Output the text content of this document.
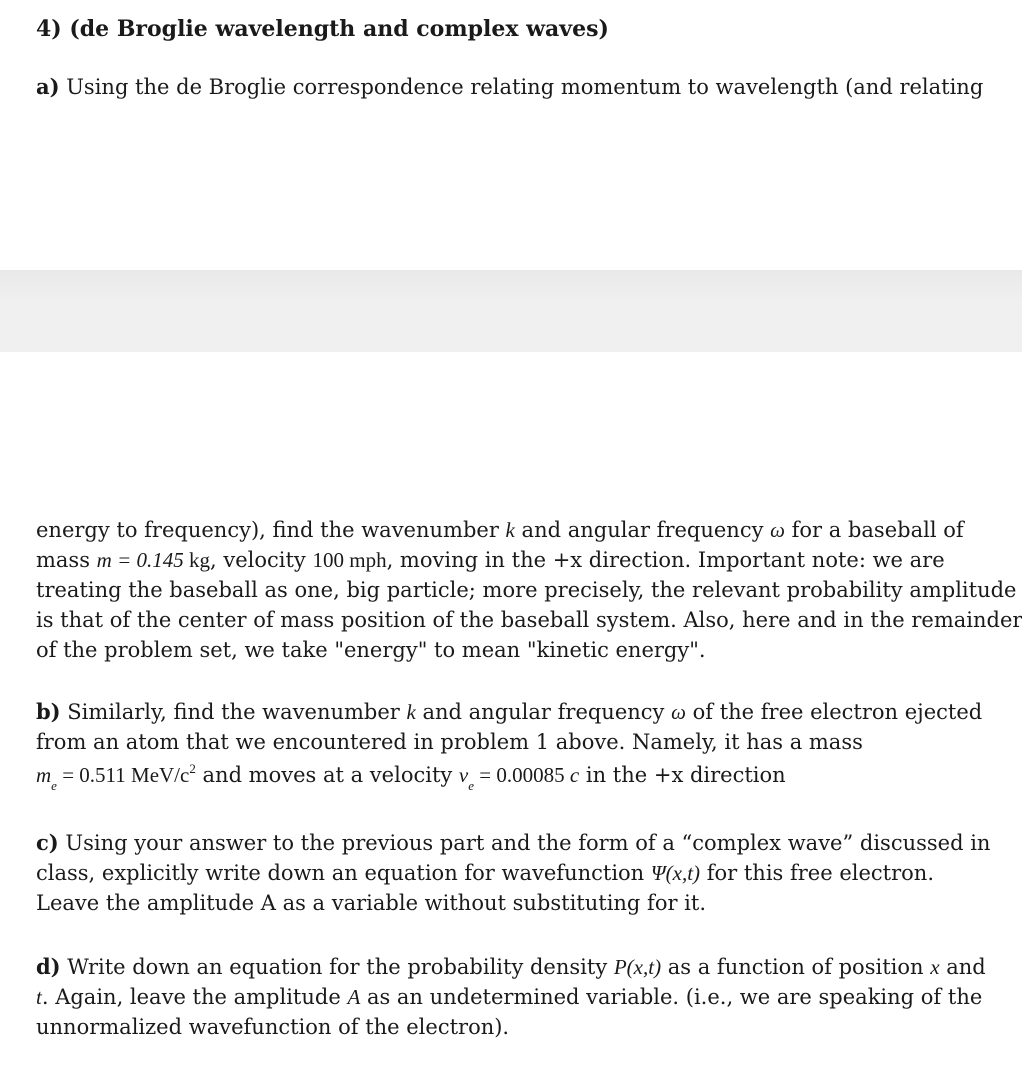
4) (de Broglie wavelength and complex waves)
a) Using the de Broglie correspondence relating momentum to wavelength (and relating
energy to frequency), find the wavenumber k and angular frequency ω for a baseball of
mass m = 0.145 kg, velocity 100 mph, moving in the +x direction. Important note: we are
treating the baseball as one, big particle; more precisely, the relevant probability amplitude
is that of the center of mass position of the baseball system. Also, here and in the remainder
of the problem set, we take "energy" to mean "kinetic energy".
b) Similarly, find the wavenumber k and angular frequency ω of the free electron ejected
from an atom that we encountered in problem 1 above. Namely, it has a mass
$m_e = 0.511$ MeV/$c^2$ and moves at a velocity $v_e = 0.00085$ c in the +x direction
c) Using your answer to the previous part and the form of a “complex wave” discussed in
class, explicitly write down an equation for wavefunction Ψ(x,t) for this free electron.
Leave the amplitude A as a variable without substituting for it.
d) Write down an equation for the probability density P(x,t) as a function of position x and
t. Again, leave the amplitude A as an undetermined variable. (i.e., we are speaking of the
unnormalized wavefunction of the electron).
